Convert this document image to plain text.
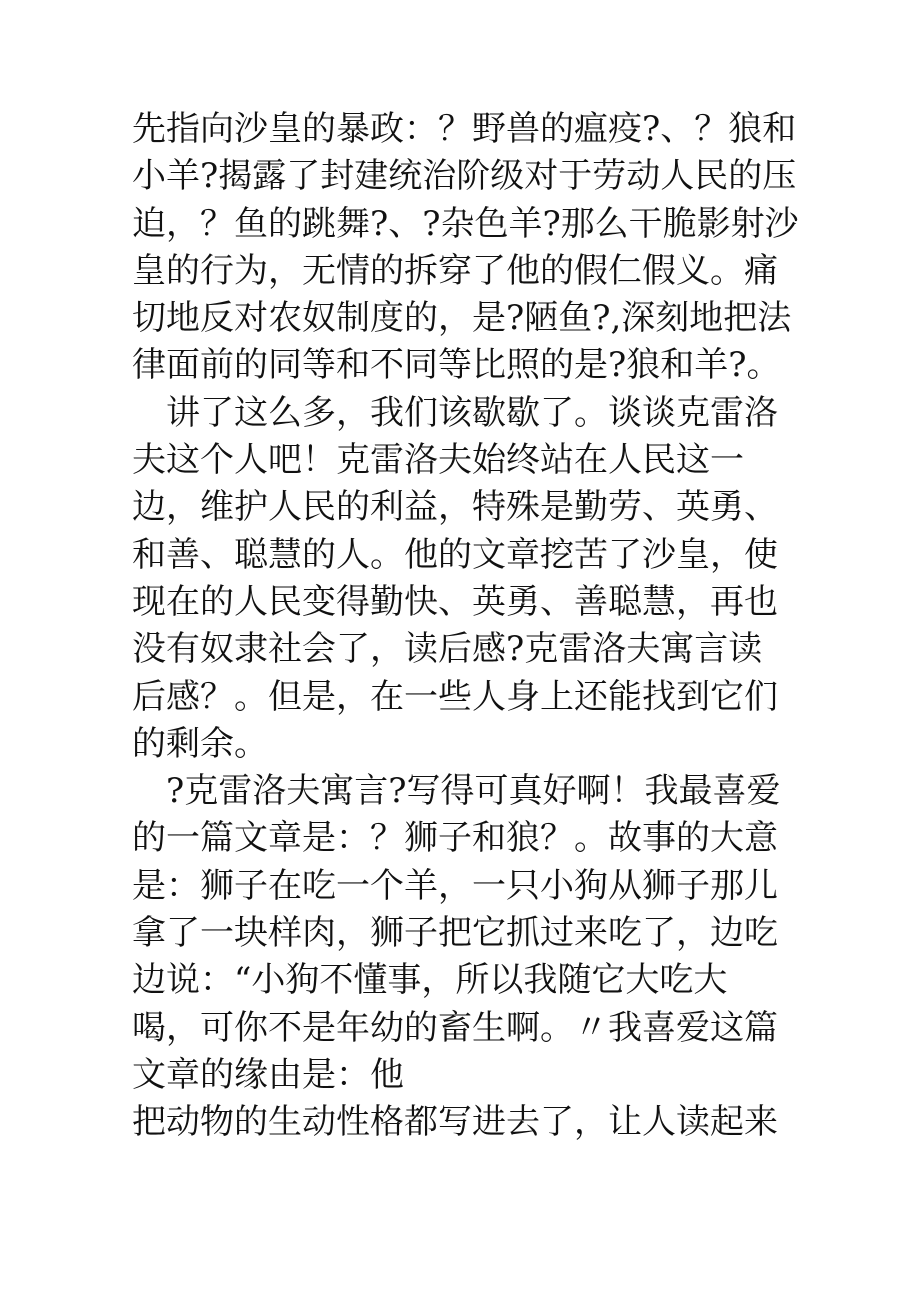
先指向沙皇的暴政：？野兽的瘟疫?、？狼和
小羊?揭露了封建统治阶级对于劳动人民的压
迫，？鱼的跳舞?、?杂色羊?那么干脆影射沙
皇的行为，无情的拆穿了他的假仁假义。痛
切地反对农奴制度的，是?陋鱼?,深刻地把法
律面前的同等和不同等比照的是?狼和羊?。
讲了这么多，我们该歇歇了。谈谈克雷洛
夫这个人吧！克雷洛夫始终站在人民这一
边，维护人民的利益，特殊是勤劳、英勇、
和善、聪慧的人。他的文章挖苦了沙皇，使
现在的人民变得勤快、英勇、善聪慧，再也
没有奴隶社会了，读后感?克雷洛夫寓言读
后感？。但是，在一些人身上还能找到它们
的剩余。
?克雷洛夫寓言?写得可真好啊！我最喜爱
的一篇文章是：？狮子和狼？。故事的大意
是：狮子在吃一个羊，一只小狗从狮子那儿
拿了一块样肉，狮子把它抓过来吃了，边吃
边说：“小狗不懂事，所以我随它大吃大
喝，可你不是年幼的畜生啊。〃我喜爱这篇
文章的缘由是：他
把动物的生动性格都写进去了，让人读起来
